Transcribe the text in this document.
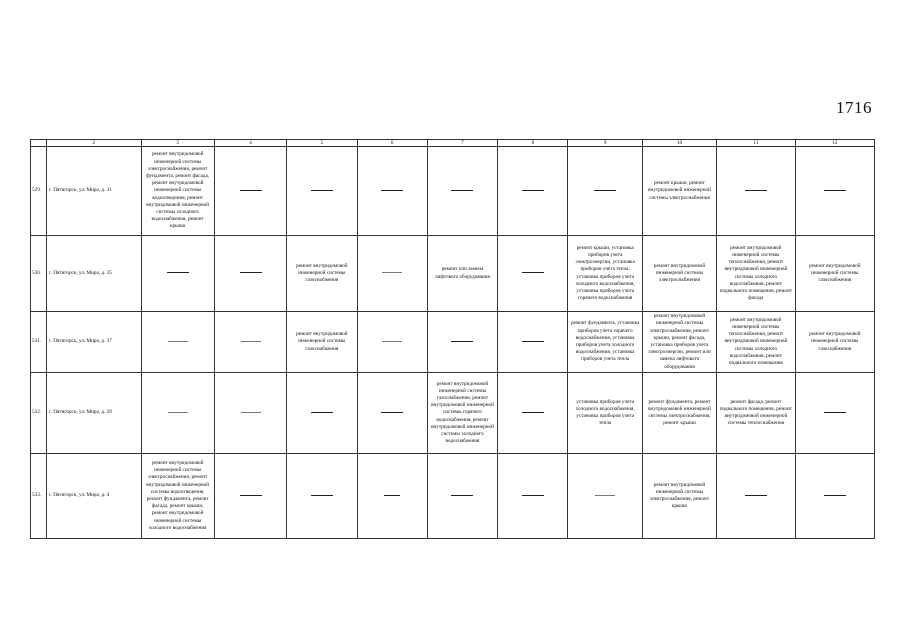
1716
	2	3	4	5	6	7	8	9	10	11	12
529.	г. Пятигорск, ул. Мира, д. 31	ремонт внутридомовой инженерной системы электроснабжения, ремонт фундамента, ремонт фасада, ремонт внутридомовой инженерной системы водоотведения, ремонт внутридомовой инженерной системы холодного водоснабжения, ремонт крыши							ремонт крыши, ремонт внутридомовой инженерной системы электроснабжения		
530.	г. Пятигорск, ул. Мира, д. 35			ремонт внутридомовой инженерной системы газоснабжения		ремонт или замена лифтового оборудования		ремонт крыши, установка приборов учета электроэнергии, установка приборов учета тепла, установка приборов учета холодного водоснабжения, установка приборов учета горячего водоснабжения	ремонт внутридомовой инженерной системы электроснабжения	ремонт внутридомовой инженерной системы теплоснабжения, ремонт внутридомовой инженерной системы холодного водоснабжения, ремонт подвального помещения, ремонт фасада	ремонт внутридомовой инженерной системы газоснабжения
531.	г. Пятигорск, ул. Мира, д. 37			ремонт внутридомовой инженерной системы газоснабжения				ремонт фундамента, установка приборов учета горячего водоснабжения, установка приборов учета холодного водоснабжения, установка приборов учета тепла	ремонт внутридомовой инженерной системы электроснабжения, ремонт крыши, ремонт фасада, установка приборов учета электроэнергии, ремонт или замена лифтового оборудования	ремонт внутридомовой инженерной системы теплоснабжения, ремонт внутридомовой инженерной системы холодного водоснабжения, ремонт подвального помещения	ремонт внутридомовой инженерной системы газоснабжения
532.	г. Пятигорск, ул. Мира, д. 39					ремонт внутридомовой инженерной системы газоснабжения, ремонт внутридомовой инженерной системы горячего водоснабжения, ремонт внутридомовой инженерной системы холодного водоснабжения		установка приборов учета холодного водоснабжения, установка приборов учета тепла	ремонт фундамента, ремонт внутридомовой инженерной системы электроснабжения, ремонт крыши	ремонт фасада, ремонт подвального помещения, ремонт внутридомовой инженерной системы теплоснабжения	
533.	г. Пятигорск, ул. Мира, д. 4	ремонт внутридомовой инженерной системы электроснабжения, ремонт внутридомовой инженерной системы водоотведения, ремонт фундамента, ремонт фасада, ремонт крыши, ремонт внутридомовой инженерной системы холодного водоснабжения							ремонт внутридомовой инженерной системы электроснабжения, ремонт крыши		
